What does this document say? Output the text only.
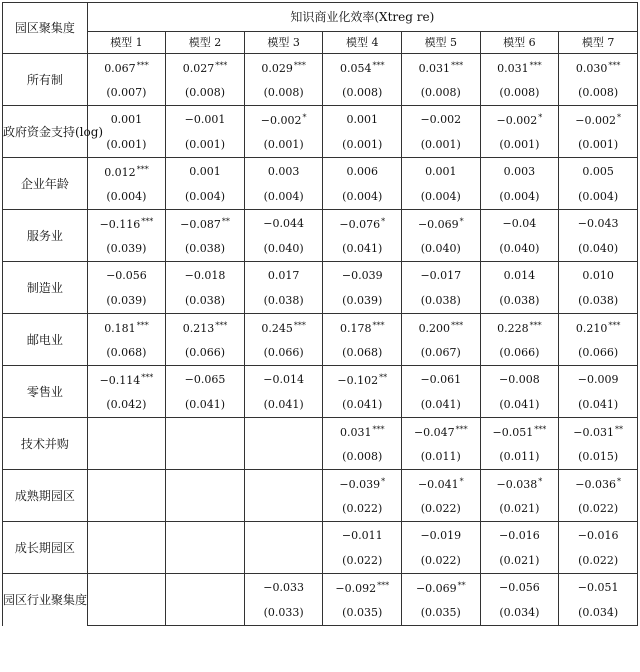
园区聚集度	知识商业化效率(Xtreg re)						
	模型 1	模型 2	模型 3	模型 4	模型 5	模型 6	模型 7
所有制	0.067***	0.027***	0.029***	0.054***	0.031***	0.031***	0.030***
	(0.007)	(0.008)	(0.008)	(0.008)	(0.008)	(0.008)	(0.008)
政府资金支持(log)	0.001	−0.001	−0.002*	0.001	−0.002	−0.002*	−0.002*
	(0.001)	(0.001)	(0.001)	(0.001)	(0.001)	(0.001)	(0.001)
企业年龄	0.012***	0.001	0.003	0.006	0.001	0.003	0.005
	(0.004)	(0.004)	(0.004)	(0.004)	(0.004)	(0.004)	(0.004)
服务业	−0.116***	−0.087**	−0.044	−0.076*	−0.069*	−0.04	−0.043
	(0.039)	(0.038)	(0.040)	(0.041)	(0.040)	(0.040)	(0.040)
制造业	−0.056	−0.018	0.017	−0.039	−0.017	0.014	0.010
	(0.039)	(0.038)	(0.038)	(0.039)	(0.038)	(0.038)	(0.038)
邮电业	0.181***	0.213***	0.245***	0.178***	0.200***	0.228***	0.210***
	(0.068)	(0.066)	(0.066)	(0.068)	(0.067)	(0.066)	(0.066)
零售业	−0.114***	−0.065	−0.014	−0.102**	−0.061	−0.008	−0.009
	(0.042)	(0.041)	(0.041)	(0.041)	(0.041)	(0.041)	(0.041)
技术并购				0.031***	−0.047***	−0.051***	−0.031**
				(0.008)	(0.011)	(0.011)	(0.015)
成熟期园区				−0.039*	−0.041*	−0.038*	−0.036*
				(0.022)	(0.022)	(0.021)	(0.022)
成长期园区				−0.011	−0.019	−0.016	−0.016
				(0.022)	(0.022)	(0.021)	(0.022)
园区行业聚集度			−0.033	−0.092***	−0.069**	−0.056	−0.051
			(0.033)	(0.035)	(0.035)	(0.034)	(0.034)
